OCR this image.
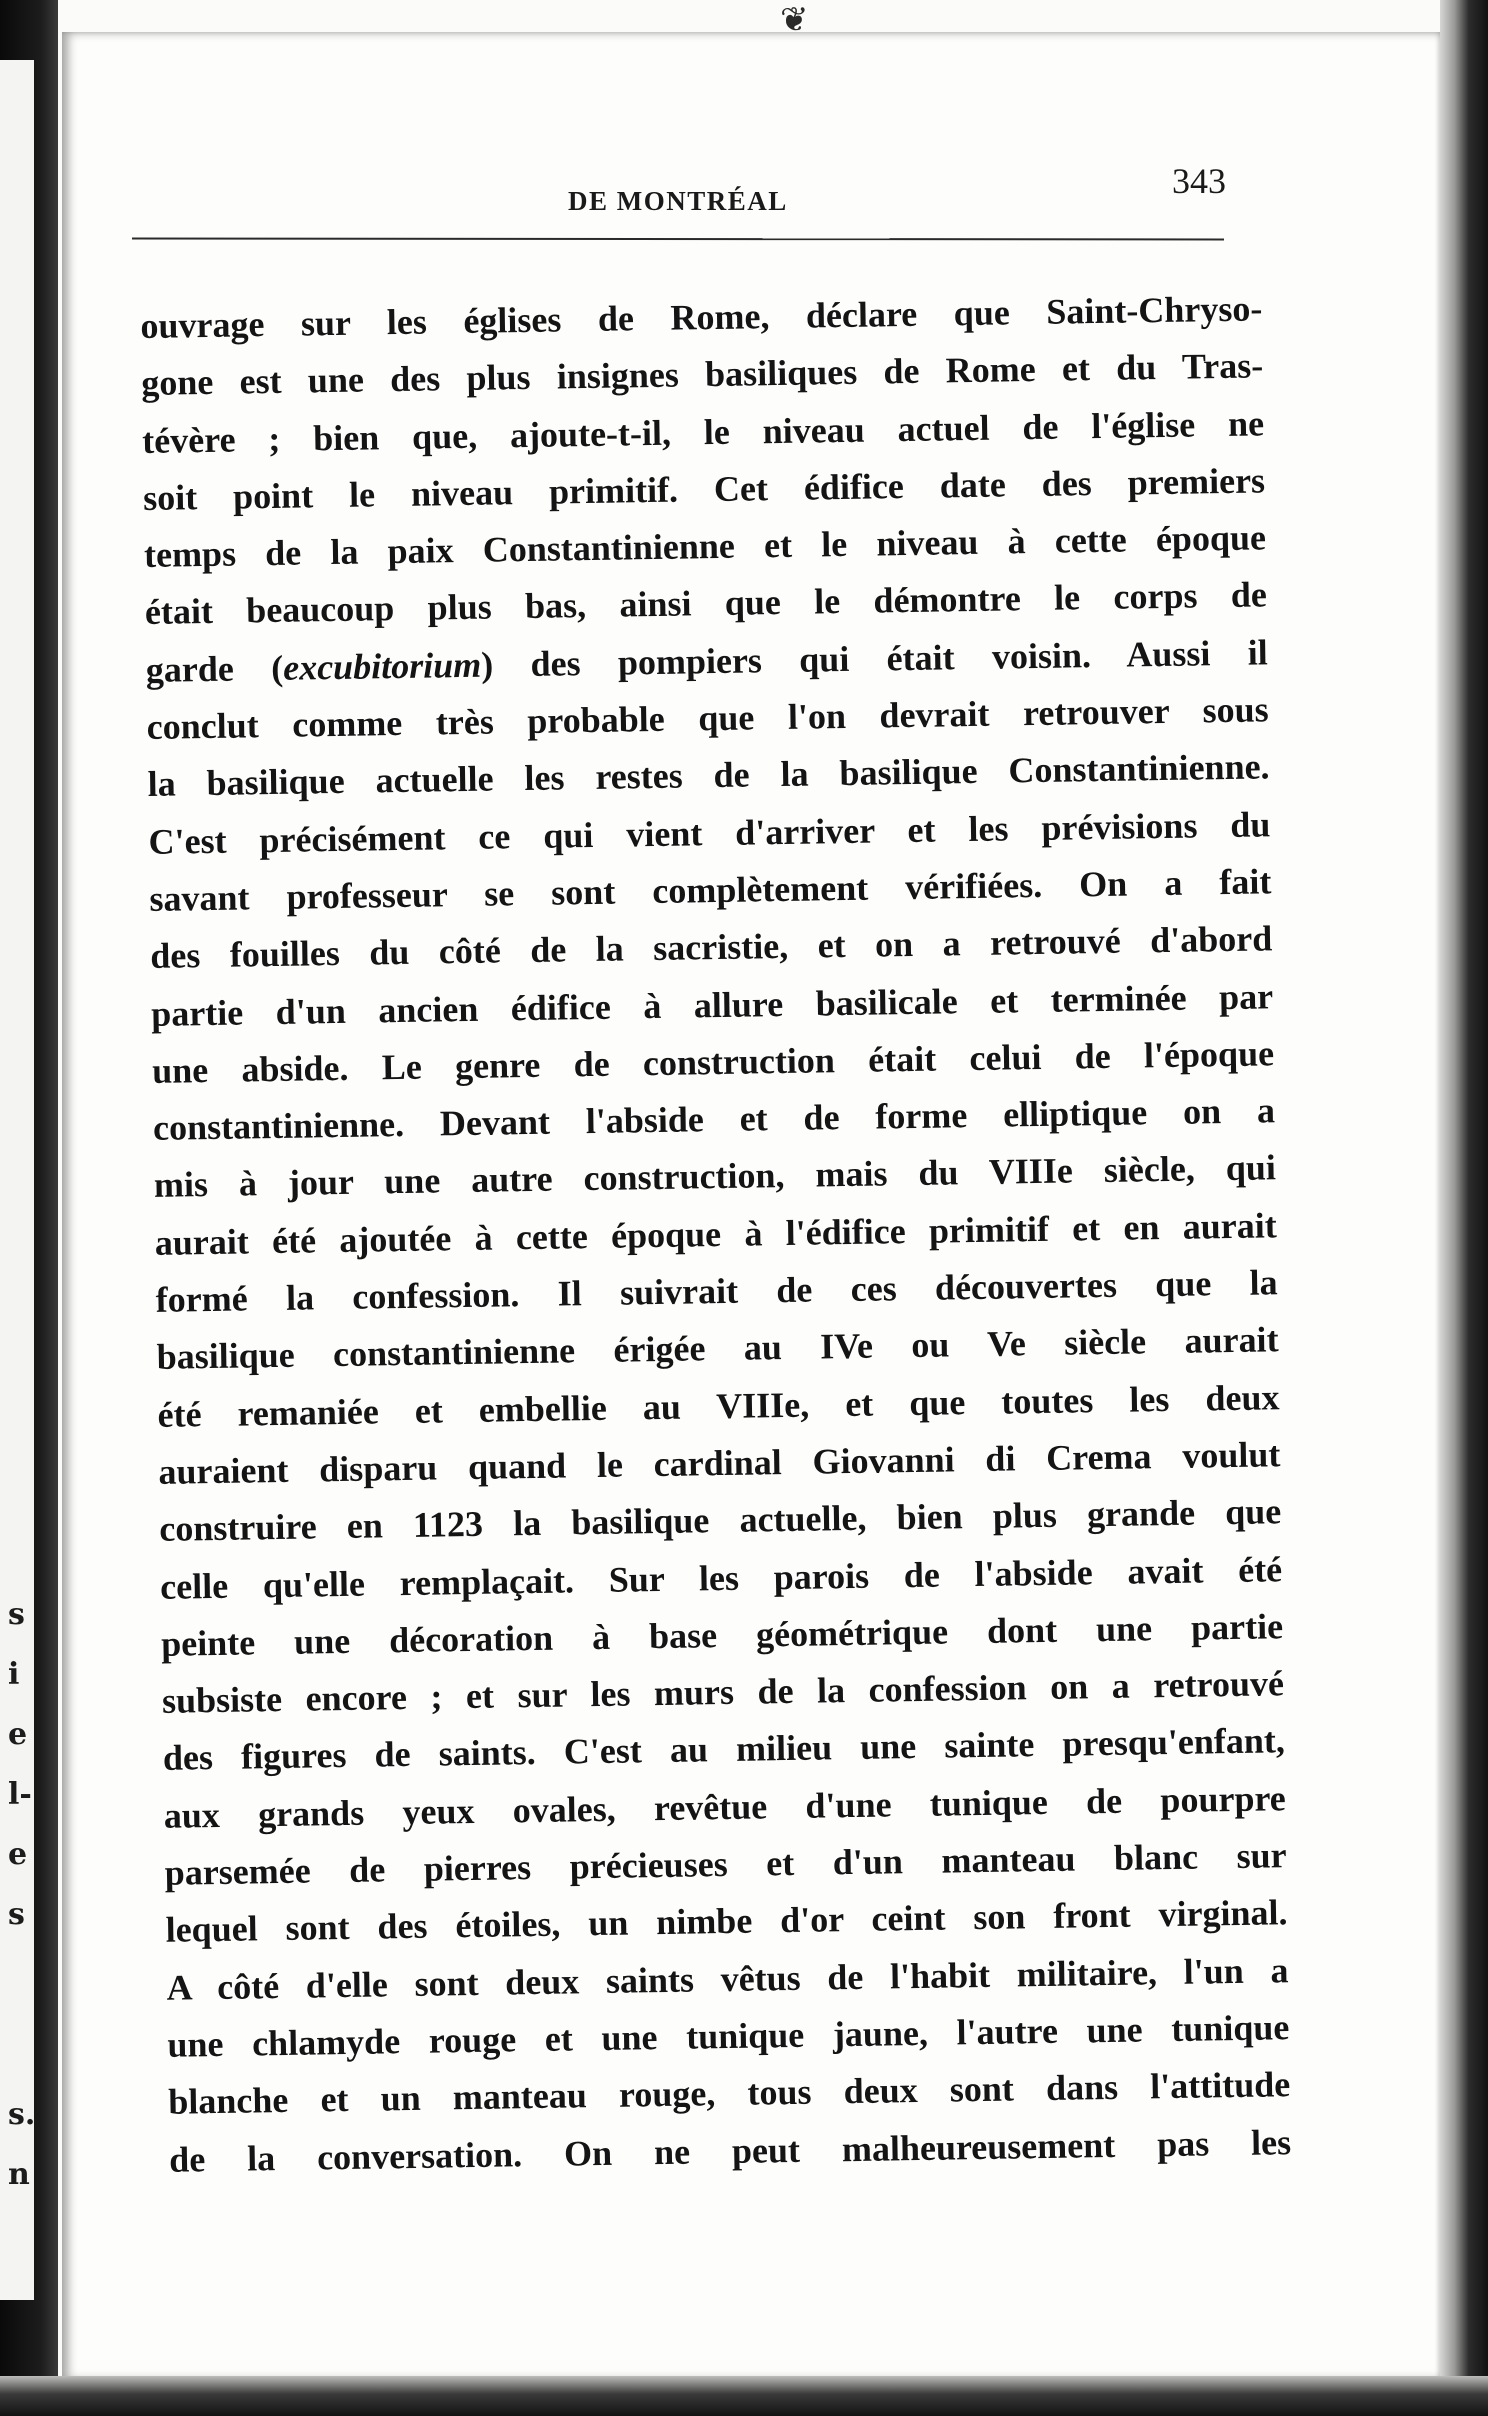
s
i
e
l-
e
s
s.
n
❦
DE MONTRÉAL	343
ouvrage sur les églises de Rome, déclare que Saint-Chryso-
gone est une des plus insignes basiliques de Rome et du Tras-
tévère ; bien que, ajoute-t-il, le niveau actuel de l'église ne
soit point le niveau primitif. Cet édifice date des premiers
temps de la paix Constantinienne et le niveau à cette époque
était beaucoup plus bas, ainsi que le démontre le corps de
garde (excubitorium) des pompiers qui était voisin. Aussi il
conclut comme très probable que l'on devrait retrouver sous
la basilique actuelle les restes de la basilique Constantinienne.
C'est précisément ce qui vient d'arriver et les prévisions du
savant professeur se sont complètement vérifiées. On a fait
des fouilles du côté de la sacristie, et on a retrouvé d'abord
partie d'un ancien édifice à allure basilicale et terminée par
une abside. Le genre de construction était celui de l'époque
constantinienne. Devant l'abside et de forme elliptique on a
mis à jour une autre construction, mais du VIIIe siècle, qui
aurait été ajoutée à cette époque à l'édifice primitif et en aurait
formé la confession. Il suivrait de ces découvertes que la
basilique constantinienne érigée au IVe ou Ve siècle aurait
été remaniée et embellie au VIIIe, et que toutes les deux
auraient disparu quand le cardinal Giovanni di Crema voulut
construire en 1123 la basilique actuelle, bien plus grande que
celle qu'elle remplaçait. Sur les parois de l'abside avait été
peinte une décoration à base géométrique dont une partie
subsiste encore ; et sur les murs de la confession on a retrouvé
des figures de saints. C'est au milieu une sainte presqu'enfant,
aux grands yeux ovales, revêtue d'une tunique de pourpre
parsemée de pierres précieuses et d'un manteau blanc sur
lequel sont des étoiles, un nimbe d'or ceint son front virginal.
A côté d'elle sont deux saints vêtus de l'habit militaire, l'un a
une chlamyde rouge et une tunique jaune, l'autre une tunique
blanche et un manteau rouge, tous deux sont dans l'attitude
de la conversation. On ne peut malheureusement pas les
